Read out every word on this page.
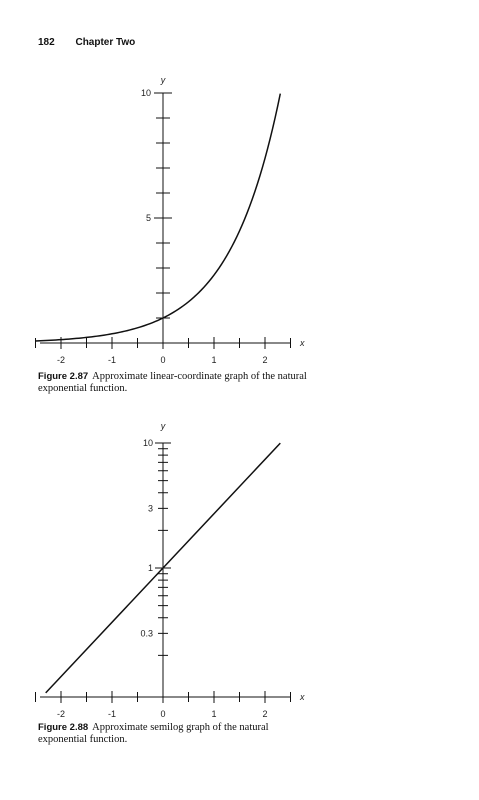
182 Chapter Two
5
10
y
-2	-1	0	1	2
x
Figure 2.87 Approximate linear-coordinate graph of the natural exponential function.
0.3
1
3
10
y
-2	-1	0	1	2
x
Figure 2.88 Approximate semilog graph of the natural exponential function.
